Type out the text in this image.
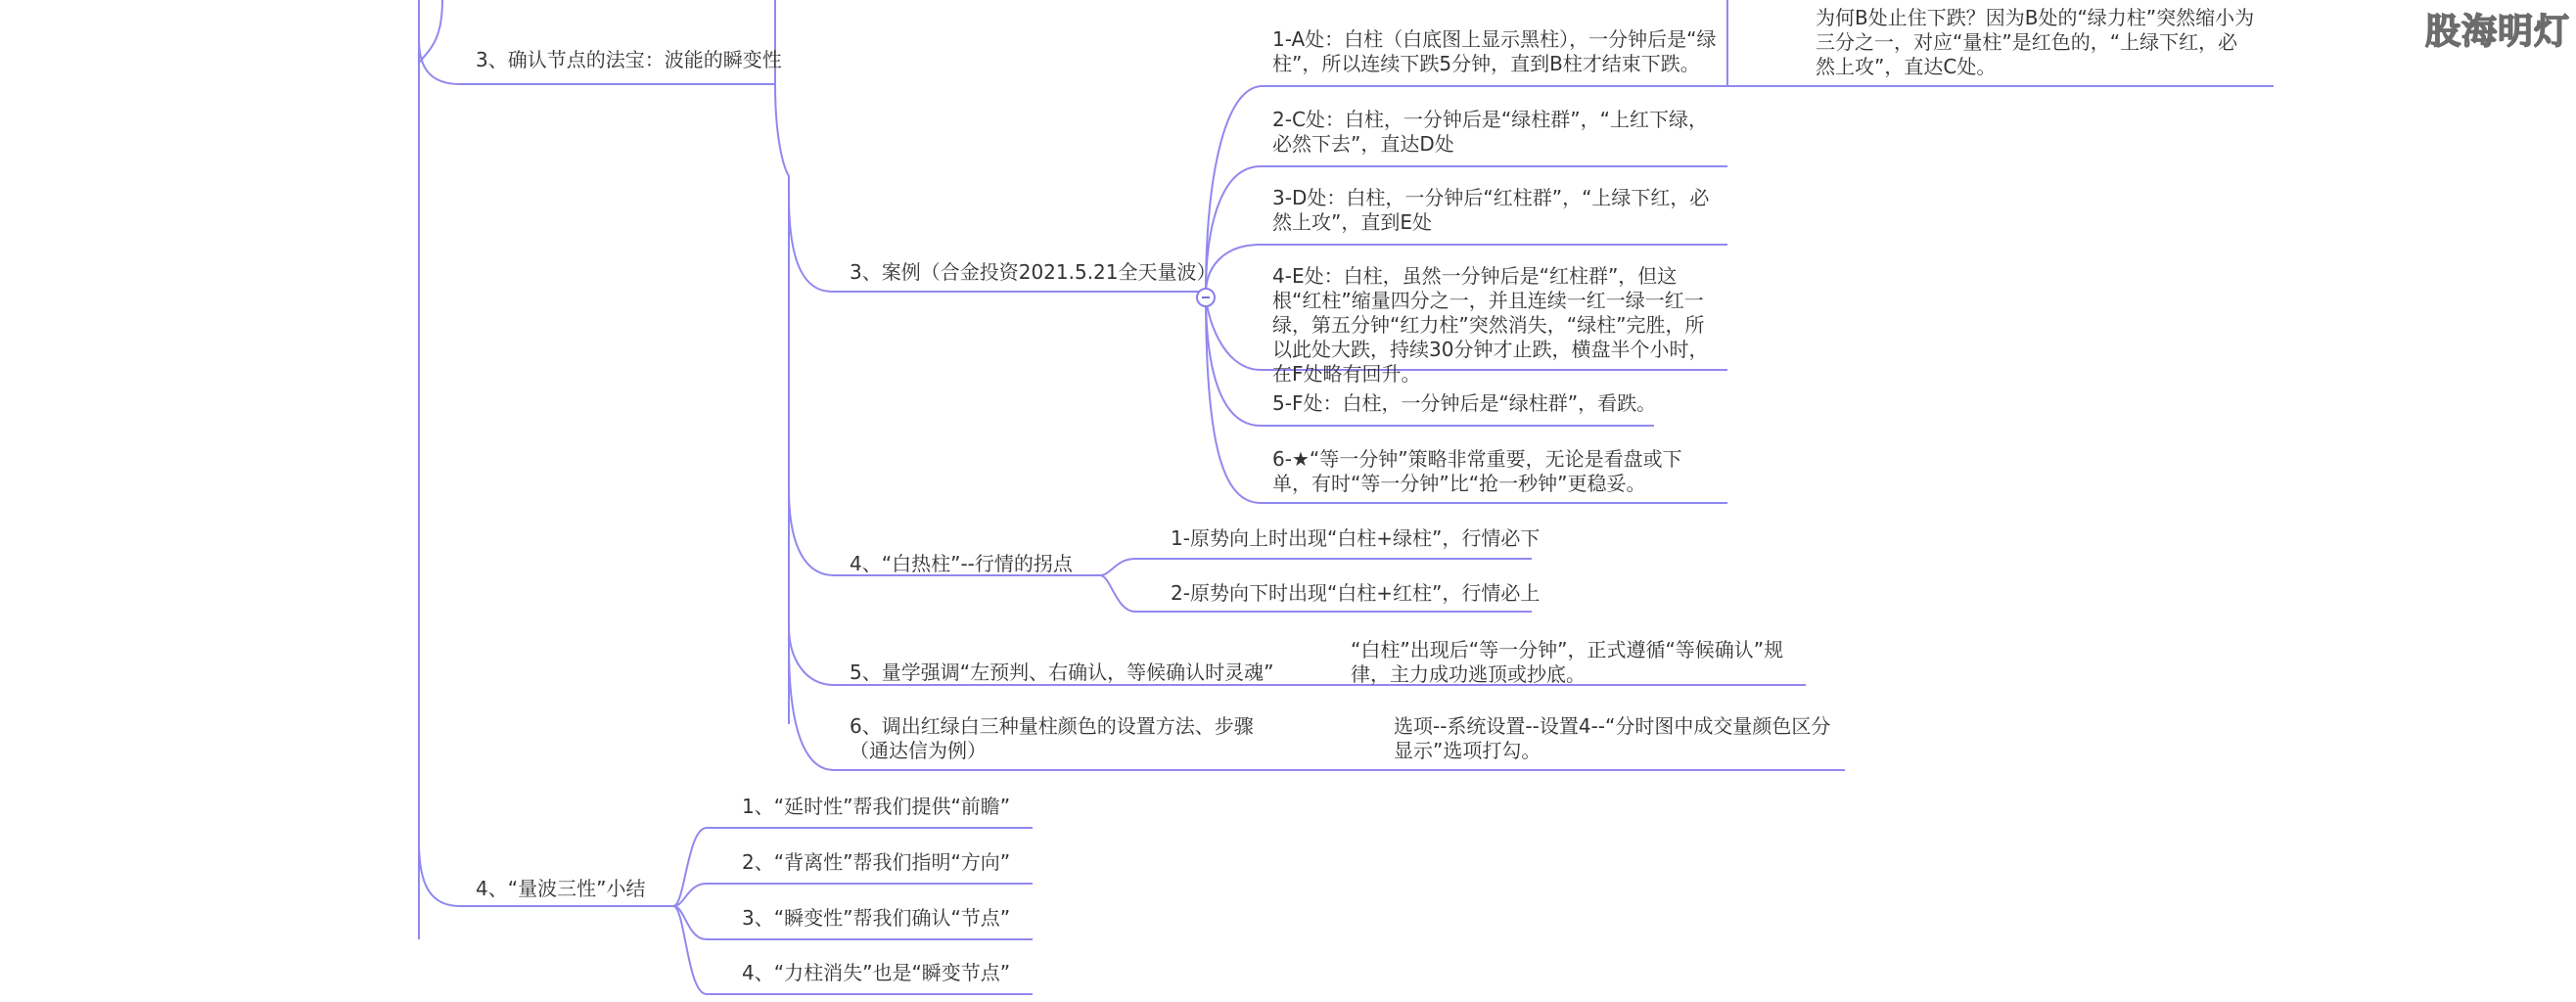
股海明灯
3、确认节点的法宝：波能的瞬变性
4、“量波三性”小结
3、案例（合金投资2021.5.21全天量波）
1-A处：白柱（白底图上显示黑柱），一分钟后是“绿柱”，所以连续下跌5分钟，直到B柱才结束下跌。
2-C处：白柱，一分钟后是“绿柱群”，“上红下绿，必然下去”，直达D处
3-D处：白柱，一分钟后“红柱群”，“上绿下红，必然上攻”，直到E处
4-E处：白柱，虽然一分钟后是“红柱群”，但这根“红柱”缩量四分之一，并且连续一红一绿一红一绿，第五分钟“红力柱”突然消失，“绿柱”完胜，所以此处大跌，持续30分钟才止跌，横盘半个小时，在F处略有回升。
5-F处：白柱，一分钟后是“绿柱群”，看跌。
6-★“等一分钟”策略非常重要，无论是看盘或下单，有时“等一分钟”比“抢一秒钟”更稳妥。
为何B处止住下跌？因为B处的“绿力柱”突然缩小为三分之一，对应“量柱”是红色的，“上绿下红，必然上攻”，直达C处。
4、“白热柱”--行情的拐点
1-原势向上时出现“白柱+绿柱”，行情必下
2-原势向下时出现“白柱+红柱”，行情必上
5、量学强调“左预判、右确认，等候确认时灵魂”
“白柱”出现后“等一分钟”，正式遵循“等候确认”规律，主力成功逃顶或抄底。
6、调出红绿白三种量柱颜色的设置方法、步骤（通达信为例）
选项--系统设置--设置4--“分时图中成交量颜色区分显示”选项打勾。
1、“延时性”帮我们提供“前瞻”
2、“背离性”帮我们指明“方向”
3、“瞬变性”帮我们确认“节点”
4、“力柱消失”也是“瞬变节点”
